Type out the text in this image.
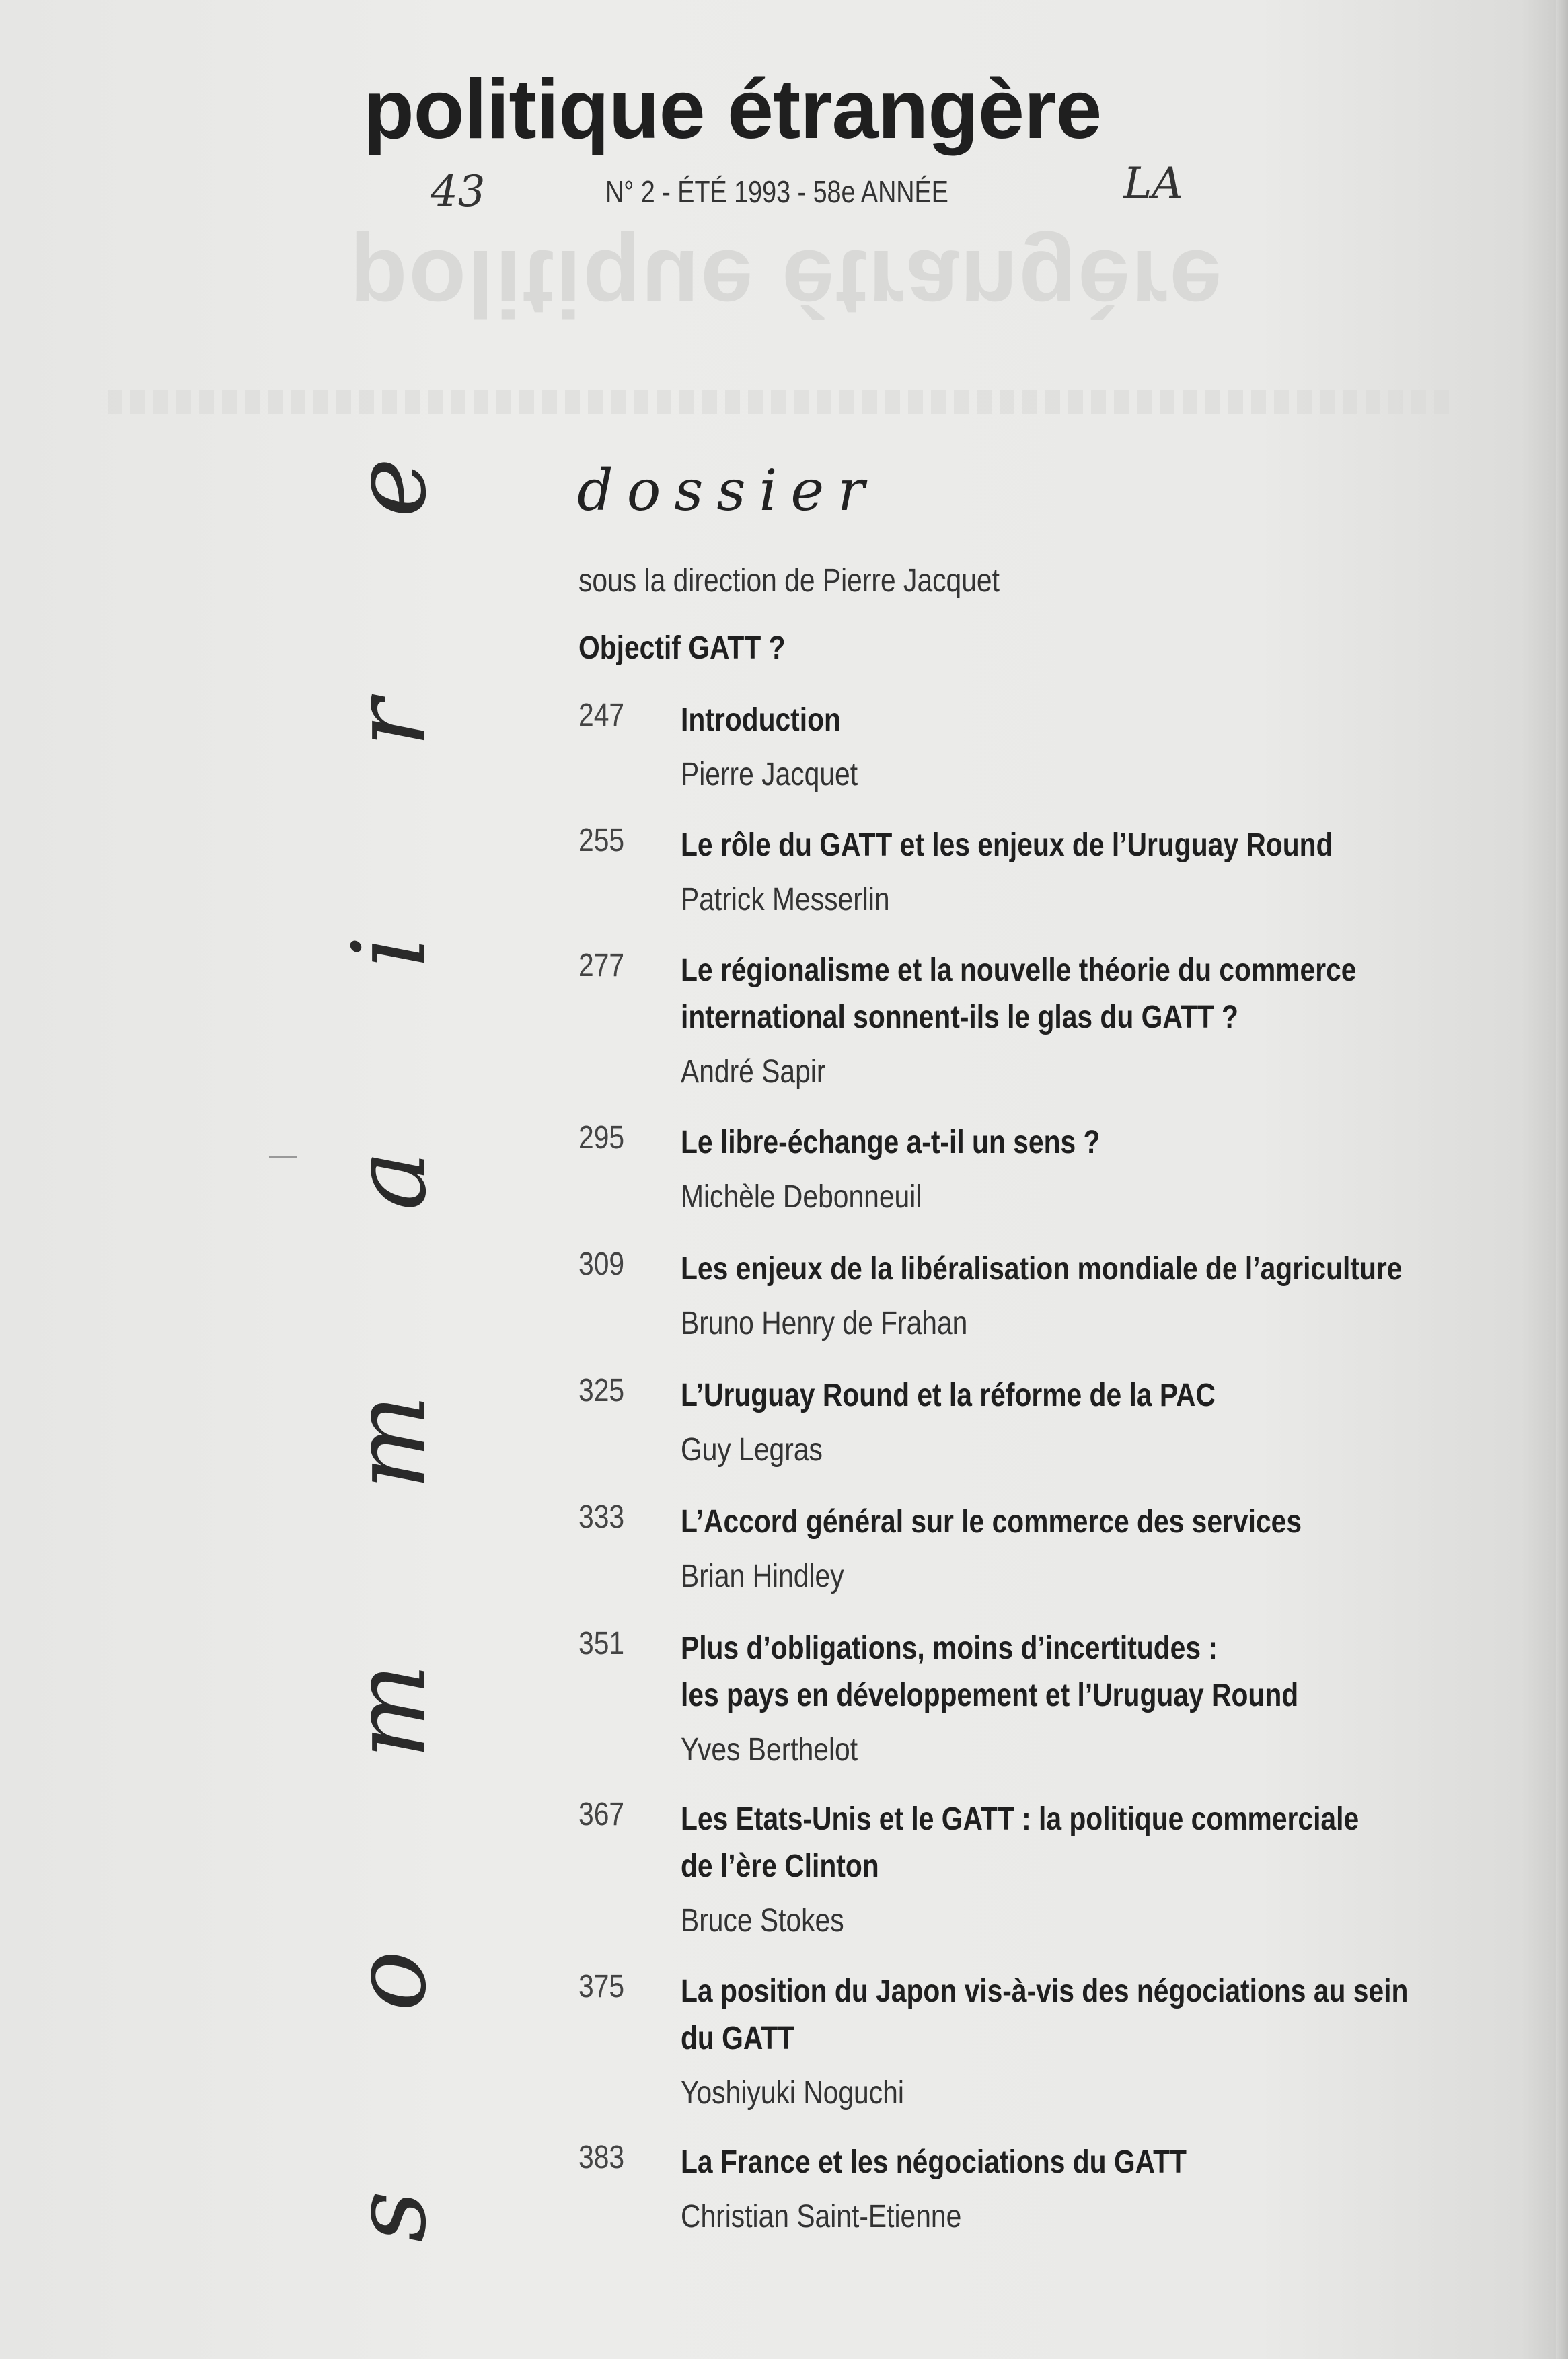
politique étrangère
politique étrangère
N° 2 - ÉTÉ 1993 - 58e ANNÉE
43	LA
e
r
i
a
m
m
o
s
dossier
sous la direction de Pierre Jacquet
Objectif GATT ?
247 Introduction
Pierre Jacquet
255 Le rôle du GATT et les enjeux de l’Uruguay Round
Patrick Messerlin
277 Le régionalisme et la nouvelle théorie du commerce
international sonnent-ils le glas du GATT ?
André Sapir
295 Le libre-échange a-t-il un sens ?
Michèle Debonneuil
309 Les enjeux de la libéralisation mondiale de l’agriculture
Bruno Henry de Frahan
325 L’Uruguay Round et la réforme de la PAC
Guy Legras
333 L’Accord général sur le commerce des services
Brian Hindley
351 Plus d’obligations, moins d’incertitudes :
les pays en développement et l’Uruguay Round
Yves Berthelot
367 Les Etats-Unis et le GATT : la politique commerciale
de l’ère Clinton
Bruce Stokes
375 La position du Japon vis-à-vis des négociations au sein
du GATT
Yoshiyuki Noguchi
383 La France et les négociations du GATT
Christian Saint-Etienne
